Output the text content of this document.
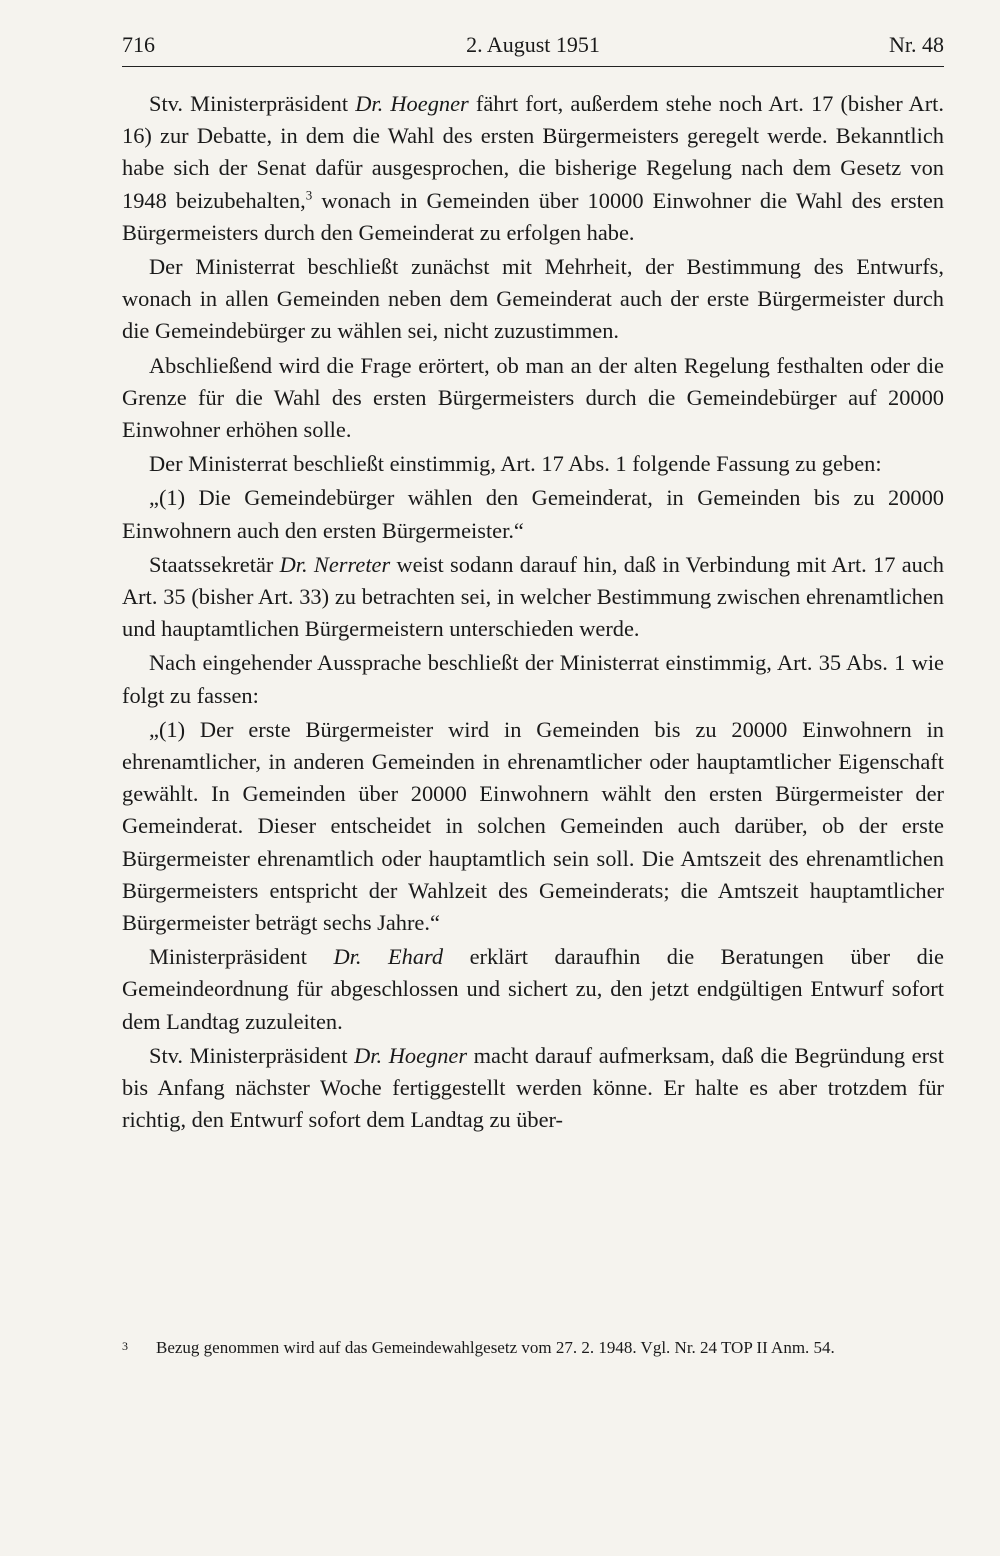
716	2. August 1951	Nr. 48

Stv. Ministerpräsident Dr. Hoegner fährt fort, außerdem stehe noch Art. 17 (bisher Art. 16) zur Debatte, in dem die Wahl des ersten Bürgermeisters geregelt werde. Bekanntlich habe sich der Senat dafür ausgesprochen, die bisherige Regelung nach dem Gesetz von 1948 beizubehalten,$^3$ wonach in Gemeinden über 10000 Einwohner die Wahl des ersten Bürgermeisters durch den Gemeinderat zu erfolgen habe.

Der Ministerrat beschließt zunächst mit Mehrheit, der Bestimmung des Entwurfs, wonach in allen Gemeinden neben dem Gemeinderat auch der erste Bürgermeister durch die Gemeindebürger zu wählen sei, nicht zuzustimmen.

Abschließend wird die Frage erörtert, ob man an der alten Regelung festhalten oder die Grenze für die Wahl des ersten Bürgermeisters durch die Gemeindebürger auf 20000 Einwohner erhöhen solle.

Der Ministerrat beschließt einstimmig, Art. 17 Abs. 1 folgende Fassung zu geben:

„(1) Die Gemeindebürger wählen den Gemeinderat, in Gemeinden bis zu 20000 Einwohnern auch den ersten Bürgermeister.“

Staatssekretär Dr. Nerreter weist sodann darauf hin, daß in Verbindung mit Art. 17 auch Art. 35 (bisher Art. 33) zu betrachten sei, in welcher Bestimmung zwischen ehrenamtlichen und hauptamtlichen Bürgermeistern unterschieden werde.

Nach eingehender Aussprache beschließt der Ministerrat einstimmig, Art. 35 Abs. 1 wie folgt zu fassen:

„(1) Der erste Bürgermeister wird in Gemeinden bis zu 20000 Einwohnern in ehrenamtlicher, in anderen Gemeinden in ehrenamtlicher oder hauptamtlicher Eigenschaft gewählt. In Gemeinden über 20000 Einwohnern wählt den ersten Bürgermeister der Gemeinderat. Dieser entscheidet in solchen Gemeinden auch darüber, ob der erste Bürgermeister ehrenamtlich oder hauptamtlich sein soll. Die Amtszeit des ehrenamtlichen Bürgermeisters entspricht der Wahlzeit des Gemeinderats; die Amtszeit hauptamtlicher Bürgermeister beträgt sechs Jahre.“

Ministerpräsident Dr. Ehard erklärt daraufhin die Beratungen über die Gemeindeordnung für abgeschlossen und sichert zu, den jetzt endgültigen Entwurf sofort dem Landtag zuzuleiten.

Stv. Ministerpräsident Dr. Hoegner macht darauf aufmerksam, daß die Begründung erst bis Anfang nächster Woche fertiggestellt werden könne. Er halte es aber trotzdem für richtig, den Entwurf sofort dem Landtag zu über-

3	Bezug genommen wird auf das Gemeindewahlgesetz vom 27. 2. 1948. Vgl. Nr. 24 TOP II Anm. 54.
